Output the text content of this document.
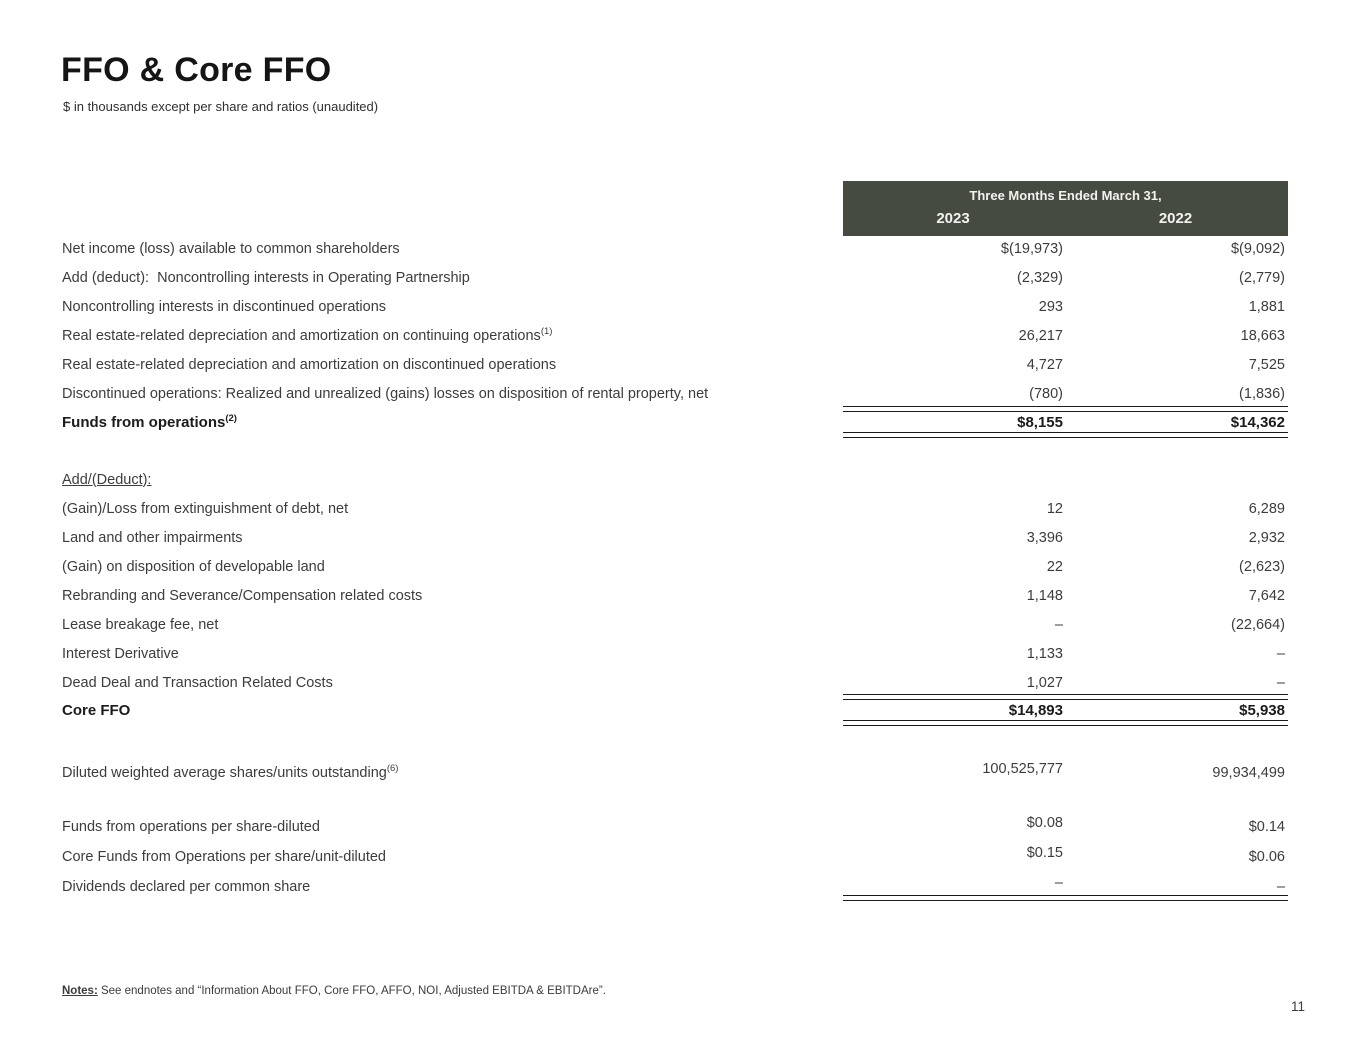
FFO & Core FFO
$ in thousands except per share and ratios (unaudited)
Three Months Ended March 31,
2023	2022
Net income (loss) available to common shareholders	$(19,973)	$(9,092)
Add (deduct):  Noncontrolling interests in Operating Partnership	(2,329)	(2,779)
Noncontrolling interests in discontinued operations	293	1,881
Real estate-related depreciation and amortization on continuing operations$^{(1)}$	26,217	18,663
Real estate-related depreciation and amortization on discontinued operations	4,727	7,525
Discontinued operations: Realized and unrealized (gains) losses on disposition of rental property, net	(780)	(1,836)
Funds from operations$^{(2)}$	$8,155	$14,362
Add/(Deduct):
(Gain)/Loss from extinguishment of debt, net	12	6,289
Land and other impairments	3,396	2,932
(Gain) on disposition of developable land	22	(2,623)
Rebranding and Severance/Compensation related costs	1,148	7,642
Lease breakage fee, net	–	(22,664)
Interest Derivative	1,133	–
Dead Deal and Transaction Related Costs	1,027	–
Core FFO	$14,893	$5,938
Diluted weighted average shares/units outstanding$^{(6)}$	100,525,777	99,934,499
Funds from operations per share-diluted	$0.08	$0.14
Core Funds from Operations per share/unit-diluted	$0.15	$0.06
Dividends declared per common share	–	–
Notes: See endnotes and “Information About FFO, Core FFO, AFFO, NOI, Adjusted EBITDA & EBITDAre”.
11
